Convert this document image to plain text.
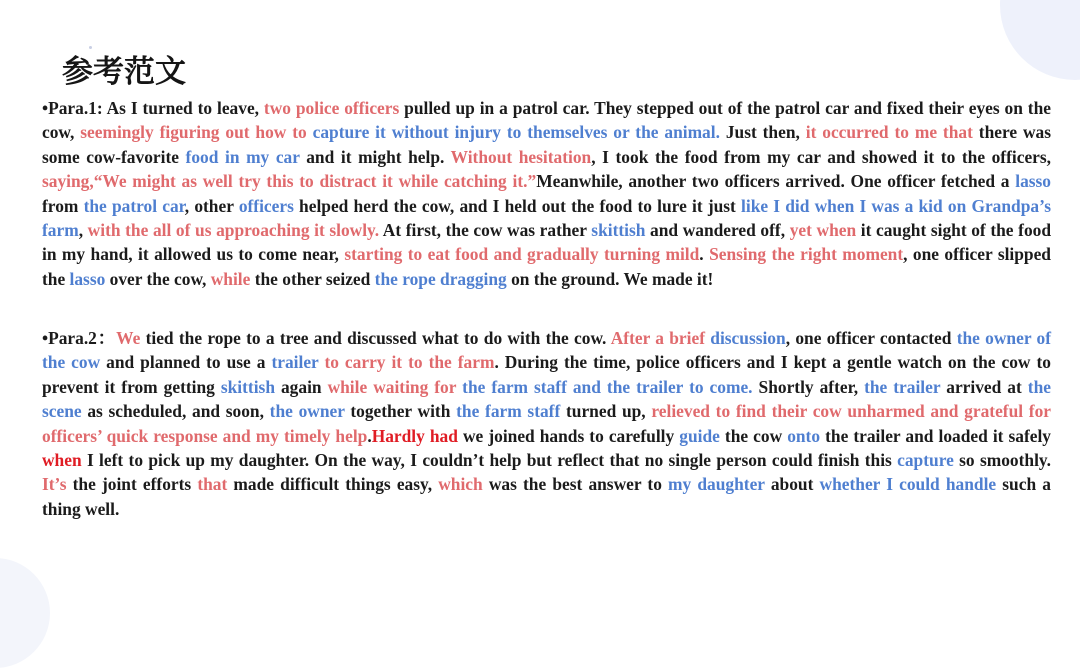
参考范文

•Para.1: As I turned to leave, two police officers pulled up in a patrol car. They stepped out of the patrol car and fixed their eyes on the cow, seemingly figuring out how to capture it without injury to themselves or the animal. Just then, it occurred to me that there was some cow-favorite food in my car and it might help. Without hesitation, I took the food from my car and showed it to the officers, saying,“We might as well try this to distract it while catching it.”Meanwhile, another two officers arrived. One officer fetched a lasso from the patrol car, other officers helped herd the cow, and I held out the food to lure it just like I did when I was a kid on Grandpa’s farm, with the all of us approaching it slowly. At first, the cow was rather skittish and wandered off, yet when it caught sight of the food in my hand, it allowed us to come near, starting to eat food and gradually turning mild. Sensing the right moment, one officer slipped the lasso over the cow, while the other seized the rope dragging on the ground. We made it!

•Para.2：We tied the rope to a tree and discussed what to do with the cow. After a brief discussion, one officer contacted the owner of the cow and planned to use a trailer to carry it to the farm. During the time, police officers and I kept a gentle watch on the cow to prevent it from getting skittish again while waiting for the farm staff and the trailer to come. Shortly after, the trailer arrived at the scene as scheduled, and soon, the owner together with the farm staff turned up, relieved to find their cow unharmed and grateful for officers’ quick response and my timely help.Hardly had we joined hands to carefully guide the cow onto the trailer and loaded it safely when I left to pick up my daughter. On the way, I couldn’t help but reflect that no single person could finish this capture so smoothly. It’s the joint efforts that made difficult things easy, which was the best answer to my daughter about whether I could handle such a thing well.
